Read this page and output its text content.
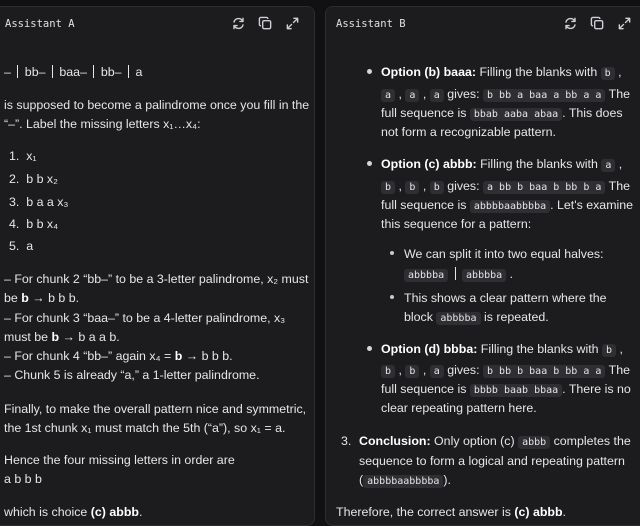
Assistant A
–  bb– baa– bb– a
is supposed to become a palindrome once you fill in the
“–”. Label the missing letters x₁…x₄:
1. x₁
2. b b x₂
3. b a a x₃
4. b b x₄
5. a
– For chunk 2 “bb–” to be a 3-letter palindrome, x₂ must
be b → b b b.
– For chunk 3 “baa–” to be a 4-letter palindrome, x₃
must be b → b a a b.
– For chunk 4 “bb–” again x₄ = b → b b b.
– Chunk 5 is already “a,” a 1-letter palindrome.
Finally, to make the overall pattern nice and symmetric,
the 1st chunk x₁ must match the 5th (“a”), so x₁ = a.
Hence the four missing letters in order are
a b b b
which is choice (c) abbb.
Assistant B
Option (b) baaa: Filling the blanks with b ,
a , a , a gives: b bb a baa a bb a a The
full sequence is bbab aaba abaa . This does
not form a recognizable pattern.
Option (c) abbb: Filling the blanks with a ,
b , b , b gives: a bb b baa b bb b a The
full sequence is abbbbaabbbba . Let's examine
this sequence for a pattern:
We can split it into two equal halves:
abbbba abbbba .
This shows a clear pattern where the
block abbbba is repeated.
Option (d) bbba: Filling the blanks with b ,
b , b , a gives: b bb b baa b bb a a The
full sequence is bbbb baab bbaa . There is no
clear repeating pattern here.
3. Conclusion: Only option (c) abbb completes the
sequence to form a logical and repeating pattern
( abbbbaabbbba ).
Therefore, the correct answer is (c) abbb.
